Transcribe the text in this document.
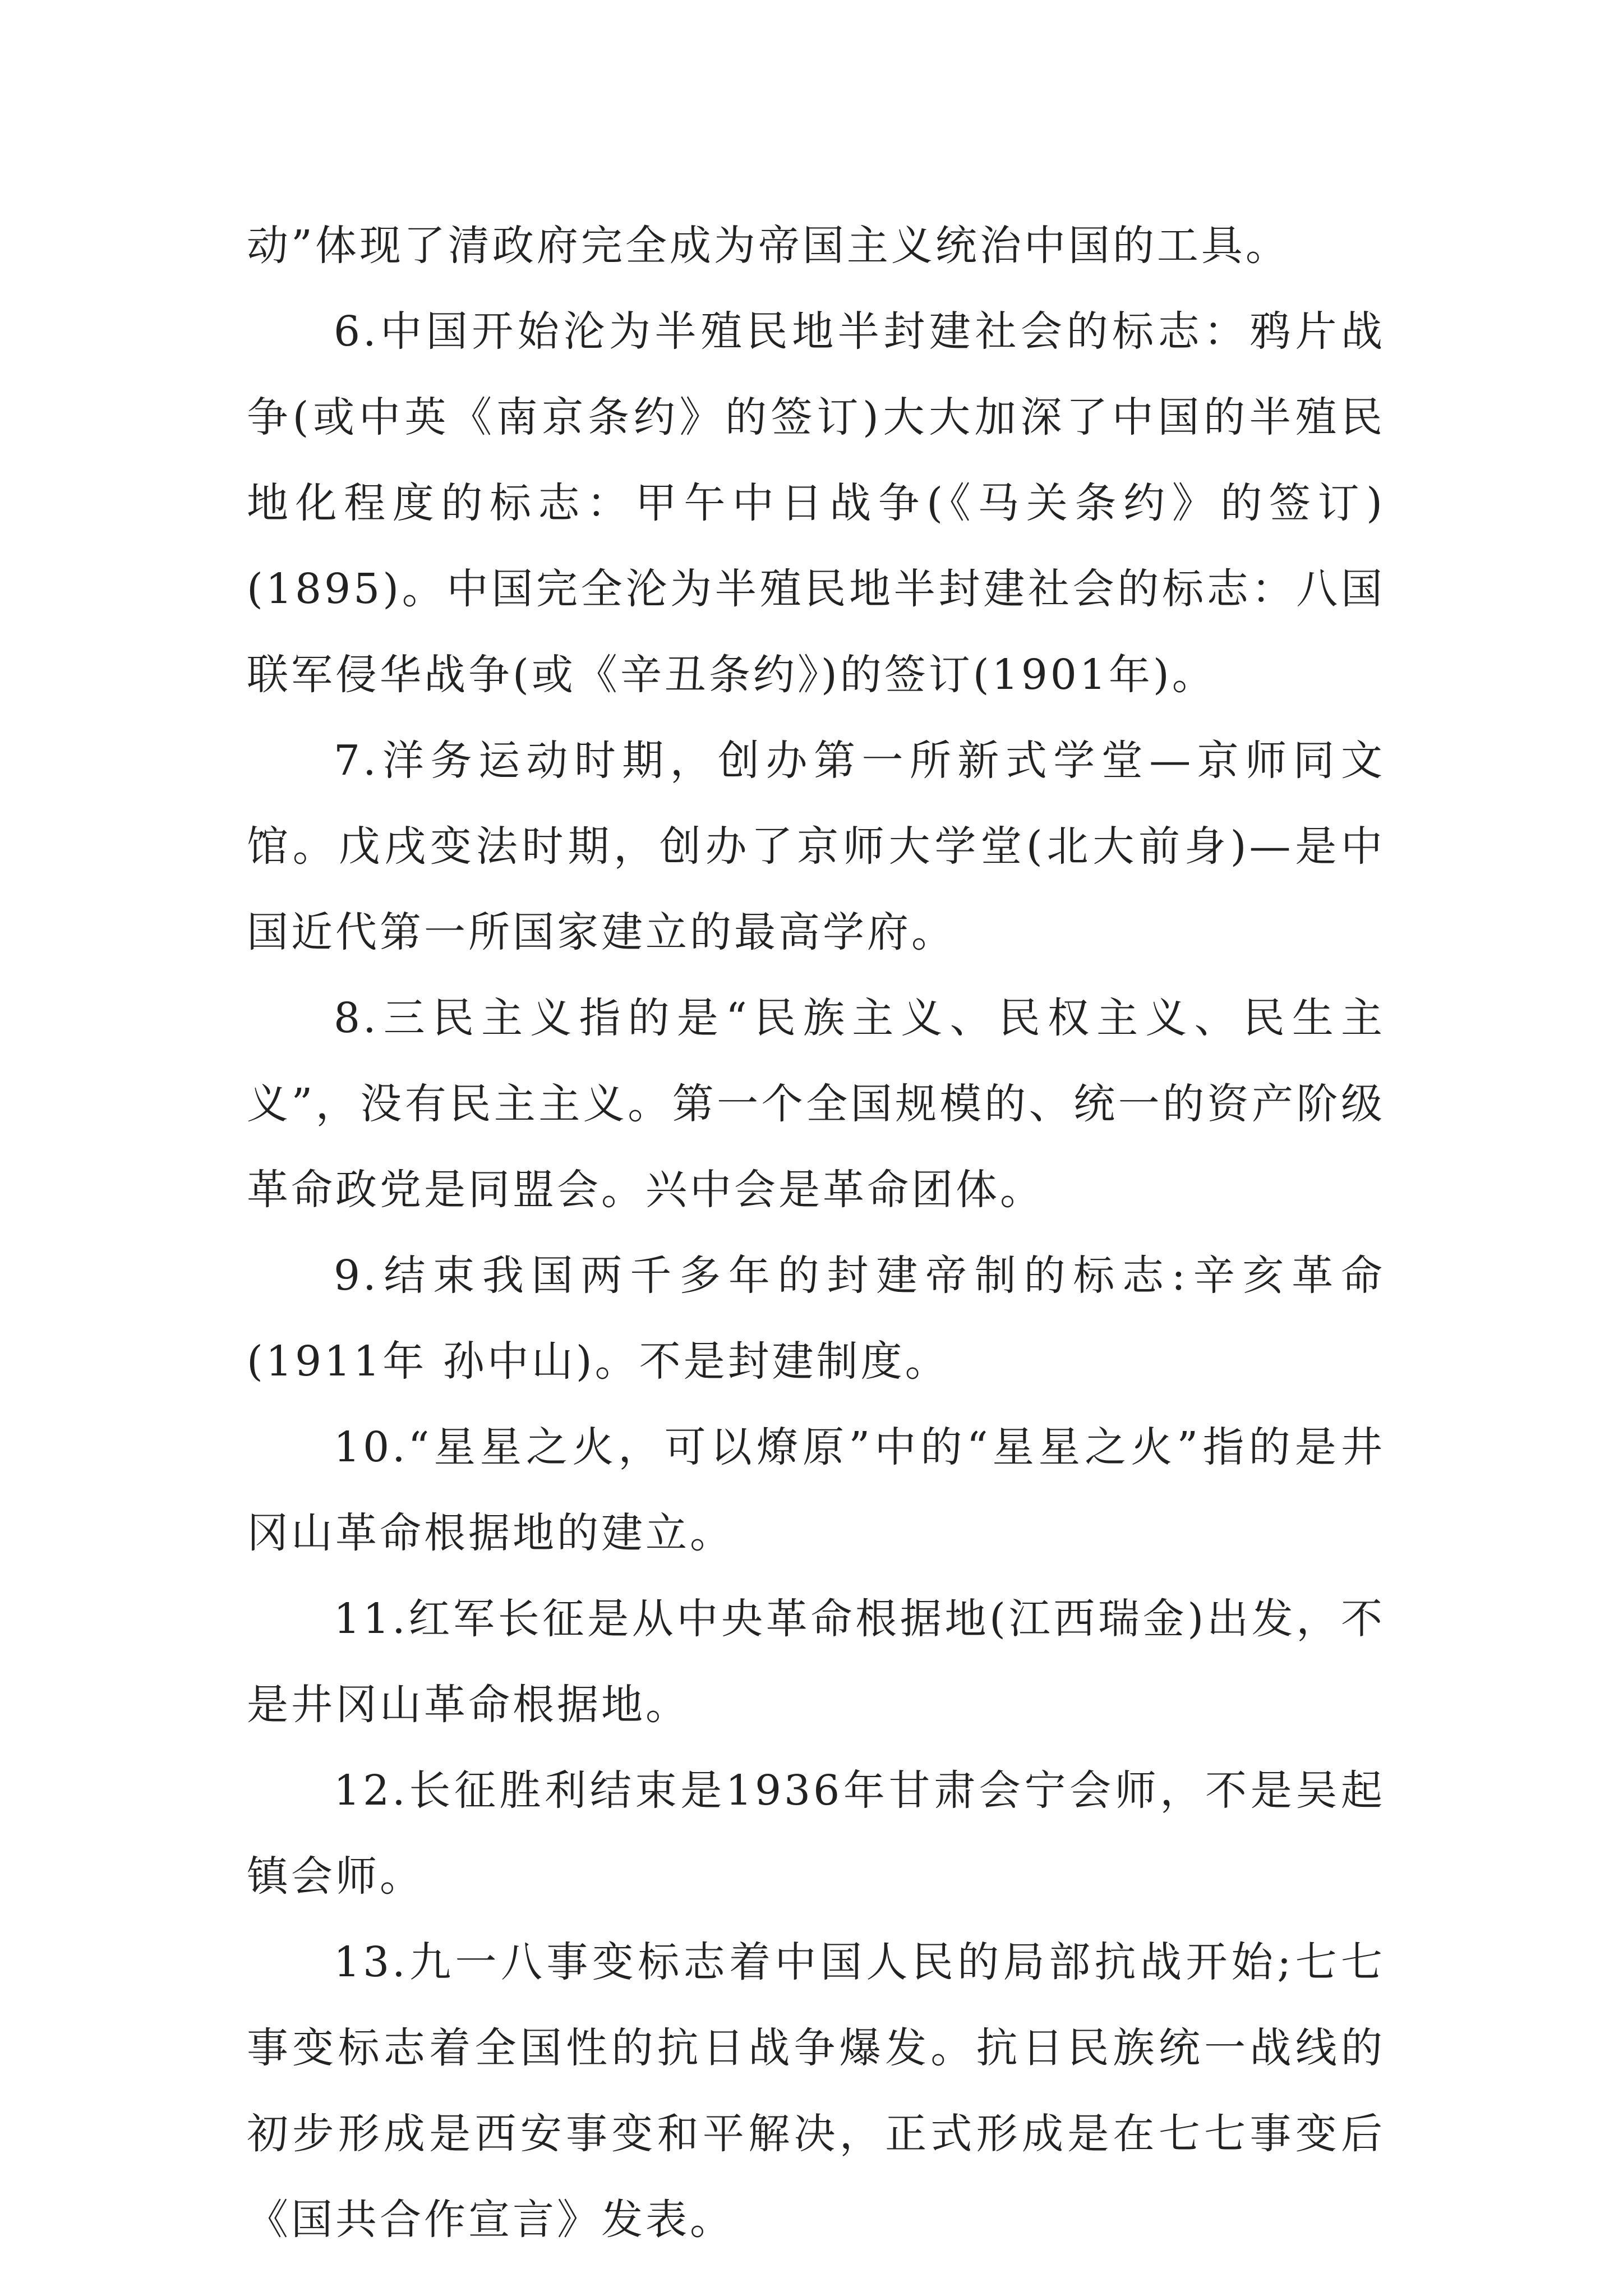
动”体现了清政府完全成为帝国主义统治中国的工具。

6.中国开始沦为半殖民地半封建社会的标志：鸦片战争(或中英《南京条约》的签订)大大加深了中国的半殖民地化程度的标志：甲午中日战争(《马关条约》的签订)(1895)。中国完全沦为半殖民地半封建社会的标志：八国联军侵华战争(或《辛丑条约》)的签订(1901年)。

7.洋务运动时期，创办第一所新式学堂—京师同文馆。戊戌变法时期，创办了京师大学堂(北大前身)—是中国近代第一所国家建立的最高学府。

8.三民主义指的是“民族主义、民权主义、民生主义”，没有民主主义。第一个全国规模的、统一的资产阶级革命政党是同盟会。兴中会是革命团体。

9.结束我国两千多年的封建帝制的标志:辛亥革命(1911年 孙中山)。不是封建制度。

10.“星星之火，可以燎原”中的“星星之火”指的是井冈山革命根据地的建立。

11.红军长征是从中央革命根据地(江西瑞金)出发，不是井冈山革命根据地。

12.长征胜利结束是1936年甘肃会宁会师，不是吴起镇会师。

13.九一八事变标志着中国人民的局部抗战开始;七七事变标志着全国性的抗日战争爆发。抗日民族统一战线的初步形成是西安事变和平解决，正式形成是在七七事变后《国共合作宣言》发表。
